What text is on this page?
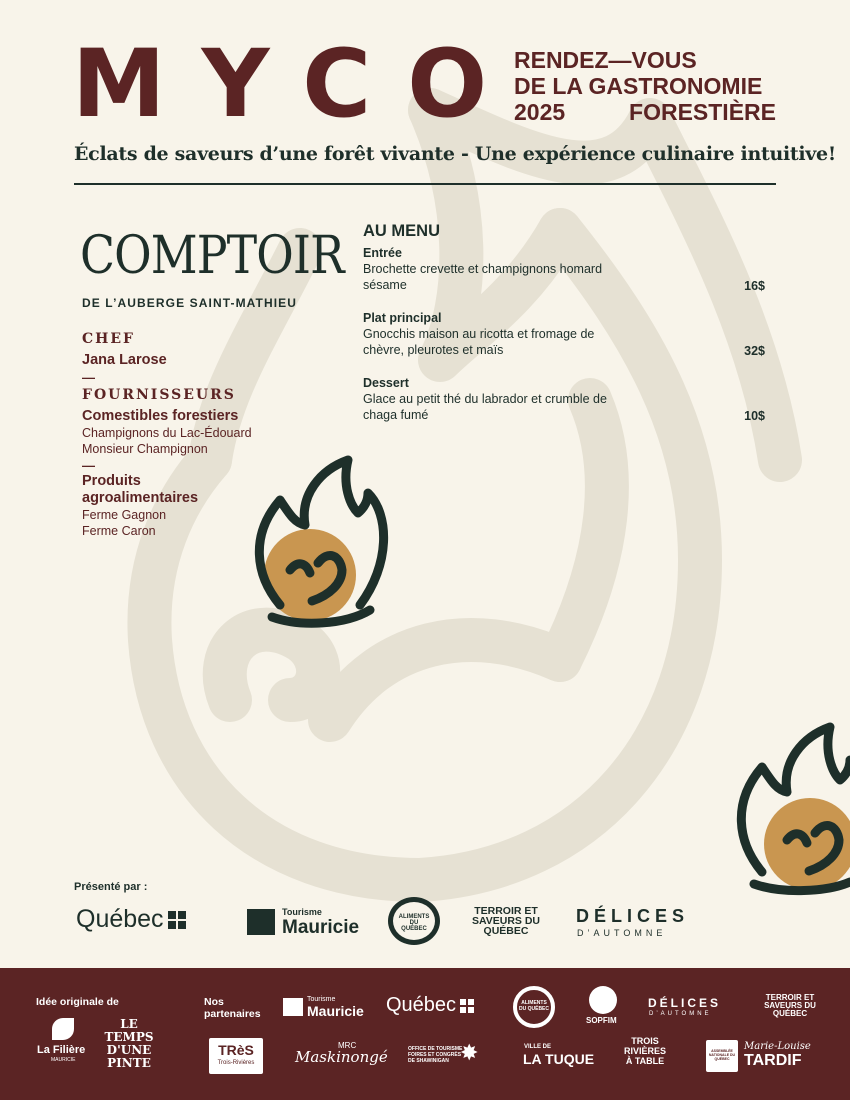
MYCO
RENDEZ—VOUS
DE LA GASTRONOMIE
FORESTIÈRE
2025
Éclats de saveurs d’une forêt vivante - Une expérience culinaire intuitive!
COMPTOIR
DE L’AUBERGE SAINT-MATHIEU
CHEF
Jana Larose
—
FOURNISSEURS
Comestibles forestiers
Champignons du Lac-Édouard
Monsieur Champignon
—
Produits agroalimentaires
Ferme Gagnon
Ferme Caron
AU MENU
Entrée
Brochette crevette et champignons homard sésame	16$
Plat principal
Gnocchis maison au ricotta et fromage de chèvre, pleurotes et maïs	32$
Dessert
Glace au petit thé du labrador et crumble de chaga fumé	10$
Présenté par :
Québec	Tourisme
Mauricie	ALIMENTS DU QUÉBEC
TERROIR ET SAVEURS DU QUÉBEC
DÉLICES
D’AUTOMNE
Idée originale de
La Filière
MAURICIE
LE TEMPS D'UNE PINTE
Nos partenaires
Tourisme
Mauricie Québec	ALIMENTS DU QUÉBEC
SOPFIM
DÉLICES
D’AUTOMNE
TERROIR ET SAVEURS DU QUÉBEC
TRèS
Trois-Rivières
MRC
Maskinongé	OFFICE DE TOURISME FOIRES ET CONGRÈS DE SHAWINIGAN ✸	VILLE DE
LA TUQUE
TROIS RIVIÈRES À TABLE
ASSEMBLÉE NATIONALE DU QUÉBEC
Marie-Louise
TARDIF
